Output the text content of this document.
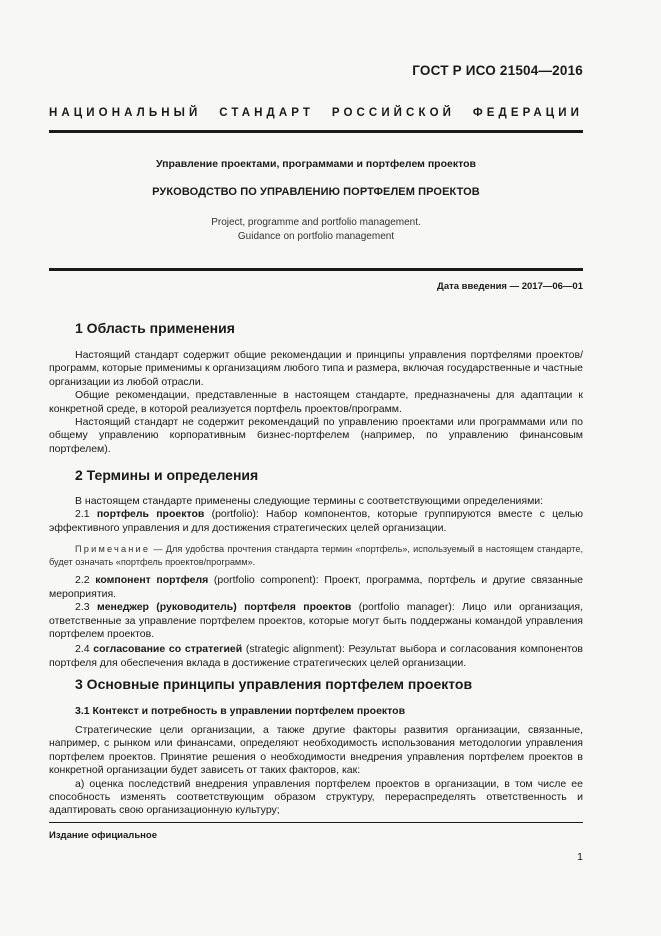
ГОСТ Р ИСО 21504—2016
НАЦИОНАЛЬНЫЙ СТАНДАРТ РОССИЙСКОЙ ФЕДЕРАЦИИ
Управление проектами, программами и портфелем проектов
РУКОВОДСТВО ПО УПРАВЛЕНИЮ ПОРТФЕЛЕМ ПРОЕКТОВ
Project, programme and portfolio management.
Guidance on portfolio management
Дата введения — 2017—06—01
1 Область применения

Настоящий стандарт содержит общие рекомендации и принципы управления портфелями проектов/программ, которые применимы к организациям любого типа и размера, включая государственные и частные организации из любой отрасли.

Общие рекомендации, представленные в настоящем стандарте, предназначены для адаптации к конкретной среде, в которой реализуется портфель проектов/программ.

Настоящий стандарт не содержит рекомендаций по управлению проектами или программами или по общему управлению корпоративным бизнес-портфелем (например, по управлению финансовым портфелем).

2 Термины и определения

В настоящем стандарте применены следующие термины с соответствующими определениями:

2.1 портфель проектов (portfolio): Набор компонентов, которые группируются вместе с целью эффективного управления и для достижения стратегических целей организации.

Примечание — Для удобства прочтения стандарта термин «портфель», используемый в настоящем стандарте, будет означать «портфель проектов/программ».

2.2 компонент портфеля (portfolio component): Проект, программа, портфель и другие связанные мероприятия.

2.3 менеджер (руководитель) портфеля проектов (portfolio manager): Лицо или организация, ответственные за управление портфелем проектов, которые могут быть поддержаны командой управления портфелем проектов.

2.4 согласование со стратегией (strategic alignment): Результат выбора и согласования компонентов портфеля для обеспечения вклада в достижение стратегических целей организации.

3 Основные принципы управления портфелем проектов
3.1 Контекст и потребность в управлении портфелем проектов

Стратегические цели организации, а также другие факторы развития организации, связанные, например, с рынком или финансами, определяют необходимость использования методологии управления портфелем проектов. Принятие решения о необходимости внедрения управления портфелем проектов в конкретной организации будет зависеть от таких факторов, как:

а) оценка последствий внедрения управления портфелем проектов в организации, в том числе ее способность изменять соответствующим образом структуру, перераспределять ответственность и адаптировать свою организационную культуру;

Издание официальное
1
